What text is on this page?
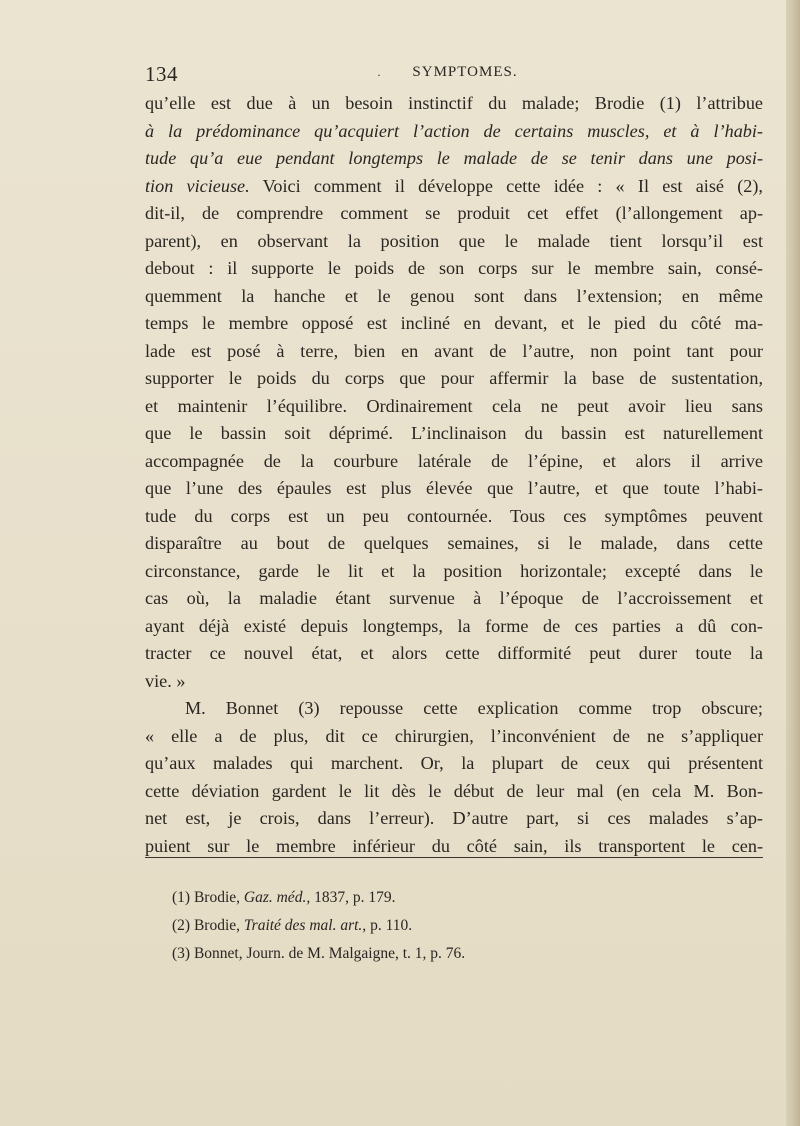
134	·	SYMPTOMES.
qu’elle est due à un besoin instinctif du malade; Brodie (1) l’attribue
à la prédominance qu’acquiert l’action de certains muscles, et à l’habi-
tude qu’a eue pendant longtemps le malade de se tenir dans une posi-
tion vicieuse. Voici comment il développe cette idée : « Il est aisé (2),
dit-il, de comprendre comment se produit cet effet (l’allongement ap-
parent), en observant la position que le malade tient lorsqu’il est
debout : il supporte le poids de son corps sur le membre sain, consé-
quemment la hanche et le genou sont dans l’extension; en même
temps le membre opposé est incliné en devant, et le pied du côté ma-
lade est posé à terre, bien en avant de l’autre, non point tant pour
supporter le poids du corps que pour affermir la base de sustentation,
et maintenir l’équilibre. Ordinairement cela ne peut avoir lieu sans
que le bassin soit déprimé. L’inclinaison du bassin est naturellement
accompagnée de la courbure latérale de l’épine, et alors il arrive
que l’une des épaules est plus élevée que l’autre, et que toute l’habi-
tude du corps est un peu contournée. Tous ces symptômes peuvent
disparaître au bout de quelques semaines, si le malade, dans cette
circonstance, garde le lit et la position horizontale; excepté dans le
cas où, la maladie étant survenue à l’époque de l’accroissement et
ayant déjà existé depuis longtemps, la forme de ces parties a dû con-
tracter ce nouvel état, et alors cette difformité peut durer toute la
vie. »
M. Bonnet (3) repousse cette explication comme trop obscure;
« elle a de plus, dit ce chirurgien, l’inconvénient de ne s’appliquer
qu’aux malades qui marchent. Or, la plupart de ceux qui présentent
cette déviation gardent le lit dès le début de leur mal (en cela M. Bon-
net est, je crois, dans l’erreur). D’autre part, si ces malades s’ap-
puient sur le membre inférieur du côté sain, ils transportent le cen-
(1) Brodie, Gaz. méd., 1837, p. 179.
(2) Brodie, Traité des mal. art., p. 110.
(3) Bonnet, Journ. de M. Malgaigne, t. 1, p. 76.
